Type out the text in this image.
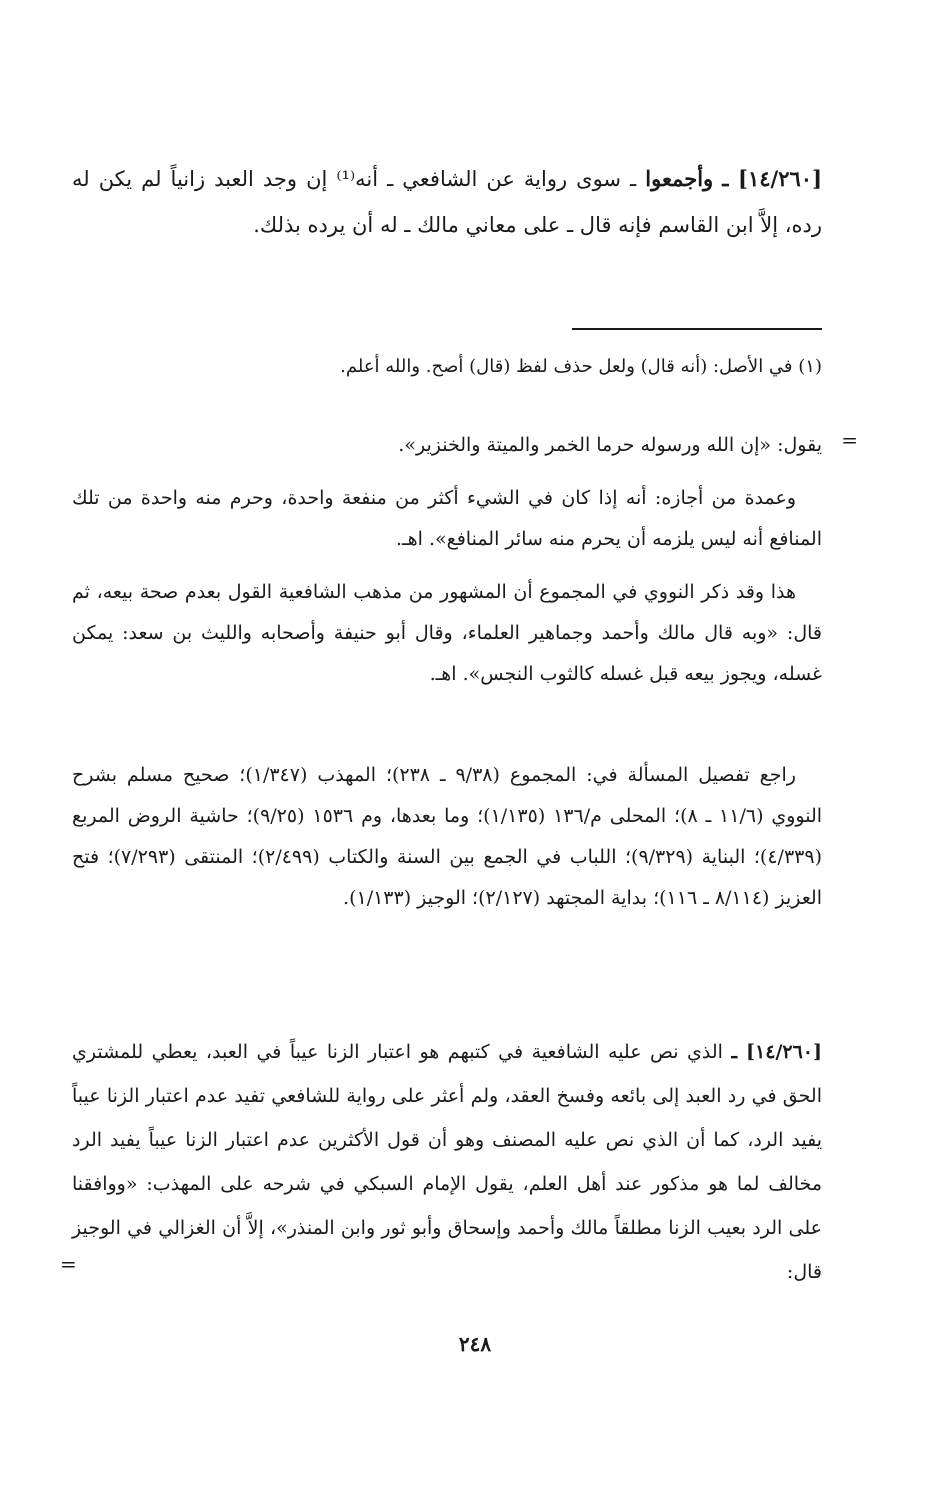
[١٤/٢٦٠] ـ وأجمعوا ـ سوى رواية عن الشافعي ـ أنه⁽¹⁾ إن وجد العبد زانياً لم يكن له رده، إلاَّ ابن القاسم فإنه قال ـ على معاني مالك ـ له أن يرده بذلك.
(١) في الأصل: (أنه قال) ولعل حذف لفظ (قال) أصح. والله أعلم.
=
يقول: «إن الله ورسوله حرما الخمر والميتة والخنزير».
وعمدة من أجازه: أنه إذا كان في الشيء أكثر من منفعة واحدة، وحرم منه واحدة من تلك المنافع أنه ليس يلزمه أن يحرم منه سائر المنافع». اهـ.
هذا وقد ذكر النووي في المجموع أن المشهور من مذهب الشافعية القول بعدم صحة بيعه، ثم قال: «وبه قال مالك وأحمد وجماهير العلماء، وقال أبو حنيفة وأصحابه والليث بن سعد: يمكن غسله، ويجوز بيعه قبل غسله كالثوب النجس». اهـ.
راجع تفصيل المسألة في: المجموع (٩/٣٨ ـ ٢٣٨)؛ المهذب (١/٣٤٧)؛ صحيح مسلم بشرح النووي (١١/٦ ـ ٨)؛ المحلى م/١٣٦ (١/١٣٥)؛ وما بعدها، وم ١٥٣٦ (٩/٢٥)؛ حاشية الروض المربع (٤/٣٣٩)؛ البناية (٩/٣٢٩)؛ اللباب في الجمع بين السنة والكتاب (٢/٤٩٩)؛ المنتقى (٧/٢٩٣)؛ فتح العزيز (٨/١١٤ ـ ١١٦)؛ بداية المجتهد (٢/١٢٧)؛ الوجيز (١/١٣٣).
[١٤/٢٦٠] ـ الذي نص عليه الشافعية في كتبهم هو اعتبار الزنا عيباً في العبد، يعطي للمشتري الحق في رد العبد إلى بائعه وفسخ العقد، ولم أعثر على رواية للشافعي تفيد عدم اعتبار الزنا عيباً يفيد الرد، كما أن الذي نص عليه المصنف وهو أن قول الأكثرين عدم اعتبار الزنا عيباً يفيد الرد مخالف لما هو مذكور عند أهل العلم، يقول الإمام السبكي في شرحه على المهذب: «ووافقنا على الرد بعيب الزنا مطلقاً مالك وأحمد وإسحاق وأبو ثور وابن المنذر»، إلاَّ أن الغزالي في الوجيز قال:
=
٢٤٨
